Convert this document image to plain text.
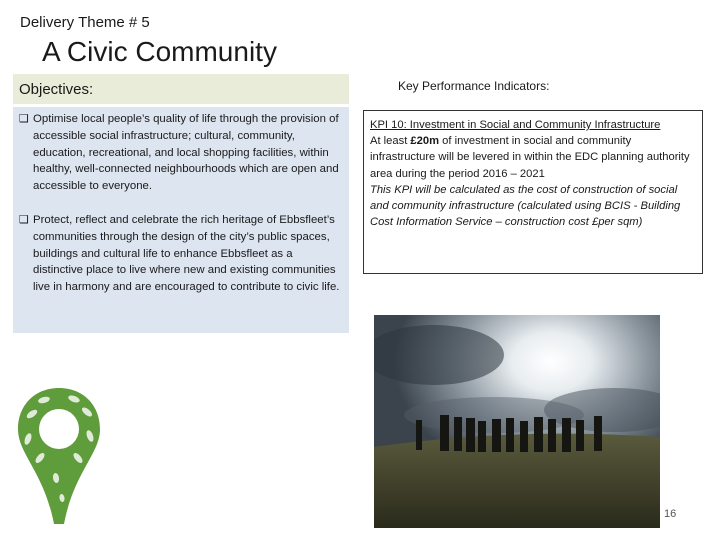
Delivery Theme # 5
A Civic Community
Objectives:
❑ Optimise local people’s quality of life through the provision of accessible social infrastructure; cultural, community, education, recreational, and local shopping facilities, within healthy, well-connected neighbourhoods which are open and accessible to everyone.
❑ Protect, reflect and celebrate the rich heritage of Ebbsfleet’s communities through the design of the city’s public spaces, buildings and cultural life to enhance Ebbsfleet as a distinctive place to live where new and existing communities live in harmony and are encouraged to contribute to civic life.
Key Performance Indicators:
KPI 10: Investment in Social and Community Infrastructure
At least £20m of investment in social and community infrastructure will be levered in within the EDC planning authority area during the period 2016 – 2021
This KPI will be calculated as the cost of construction of social and community infrastructure (calculated using BCIS - Building Cost Information Service – construction cost £per sqm)
16
